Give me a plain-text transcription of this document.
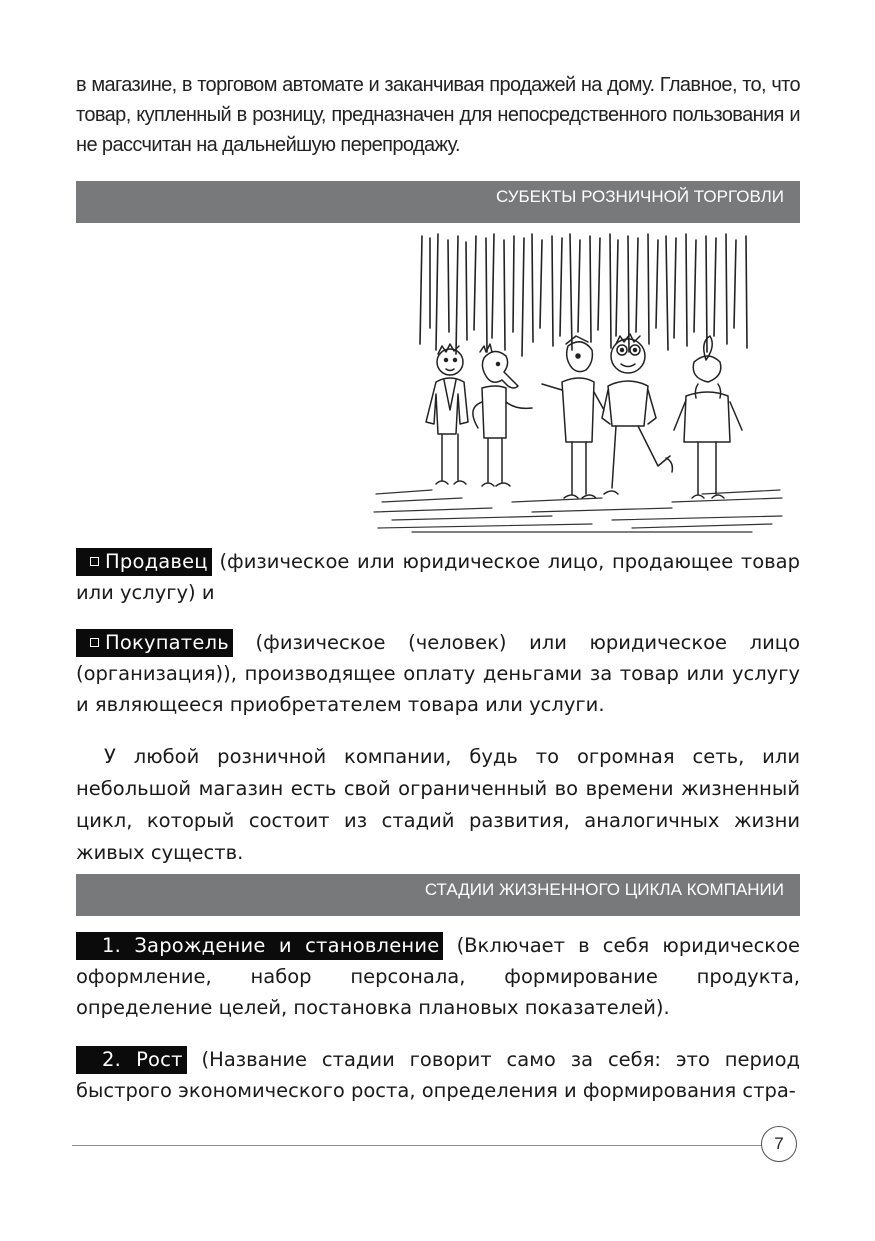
в магазине, в торговом автомате и заканчивая продажей на дому. Главное, то, что товар, купленный в розницу, предназначен для непосредственного пользования и не рассчитан на дальнейшую перепродажу.

СУБЕКТЫ РОЗНИЧНОЙ ТОРГОВЛИ

Продавец (физическое или юридическое лицо, продающее товар или услугу) и

Покупатель (физическое (человек) или юридическое лицо (организация)), производящее оплату деньгами за товар или услугу и являющееся приобретателем товара или услуги.

У любой розничной компании, будь то огромная сеть, или небольшой магазин есть свой ограниченный во времени жизненный цикл, который состоит из стадий развития, аналогичных жизни живых существ.

СТАДИИ ЖИЗНЕННОГО ЦИКЛА КОМПАНИИ

1. Зарождение и становление (Включает в себя юридическое оформление, набор персонала, формирование продукта, определение целей, постановка плановых показателей).

2. Рост (Название стадии говорит само за себя: это период быстрого экономического роста, определения и формирования стра-

7
